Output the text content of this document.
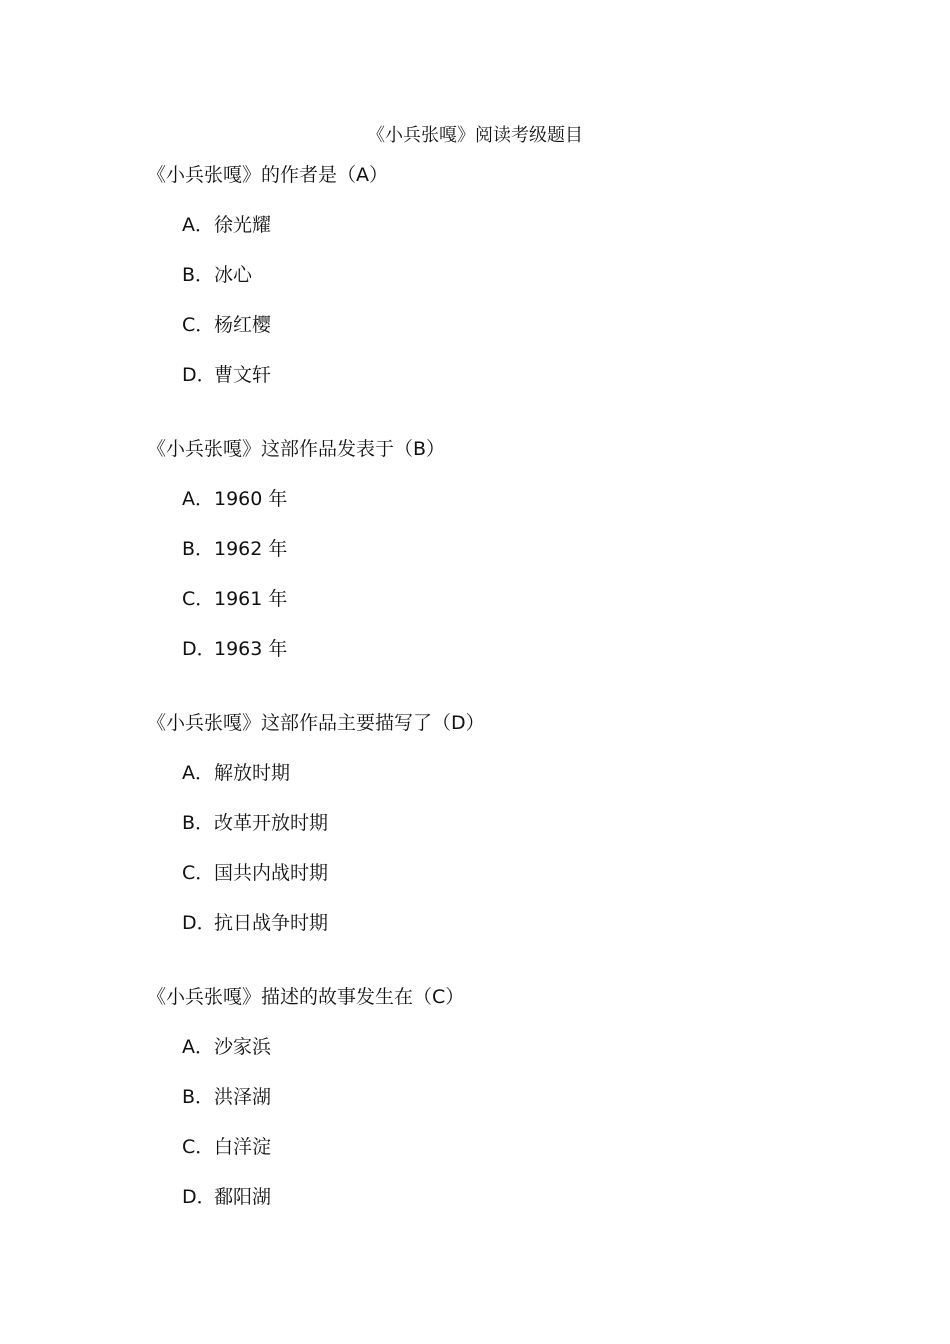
《小兵张嘎》阅读考级题目
《小兵张嘎》的作者是（A）
A．徐光耀
B．冰心
C．杨红樱
D．曹文轩
《小兵张嘎》这部作品发表于（B）
A．1960 年
B．1962 年
C．1961 年
D．1963 年
《小兵张嘎》这部作品主要描写了（D）
A．解放时期
B．改革开放时期
C．国共内战时期
D．抗日战争时期
《小兵张嘎》描述的故事发生在（C）
A．沙家浜
B．洪泽湖
C．白洋淀
D．鄱阳湖
